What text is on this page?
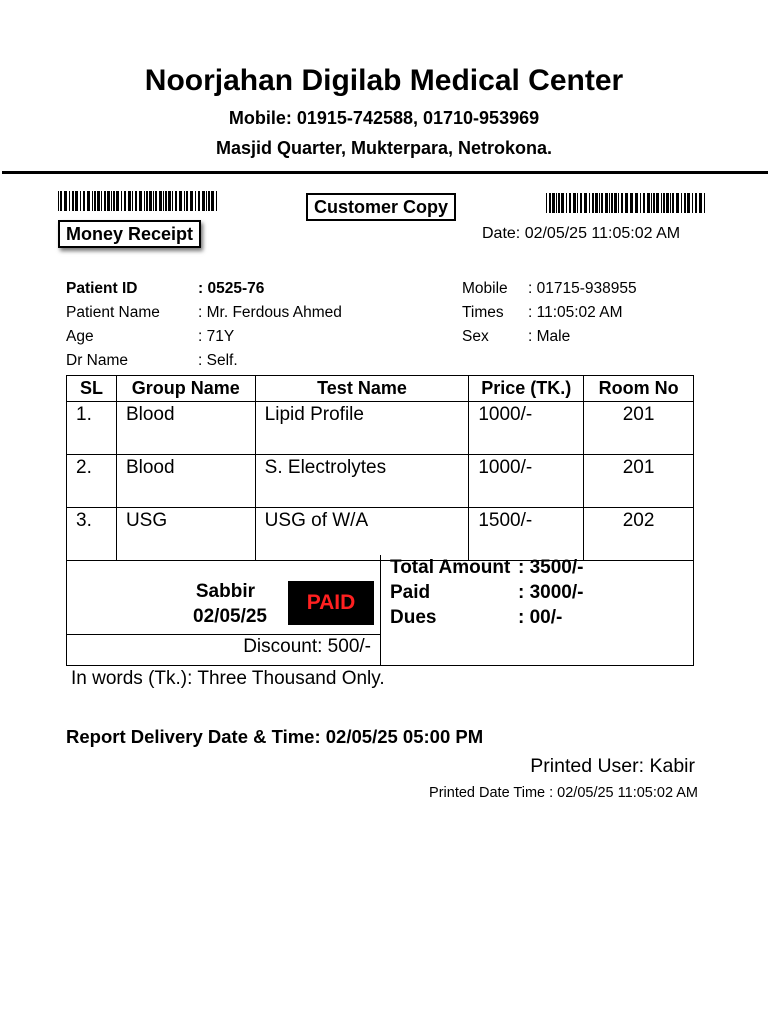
Noorjahan Digilab Medical Center
Mobile: 01915-742588, 01710-953969
Masjid Quarter, Mukterpara, Netrokona.
Money Receipt
Customer Copy
Date: 02/05/25 11:05:02 AM
Patient ID	: 0525-76
Patient Name : Mr. Ferdous Ahmed
Age	: 71Y
Dr Name	: Self.
Mobile : 01715-938955
Times : 11:05:02 AM
Sex	: Male
SL	Group Name	Test Name	Price (TK.)	Room No
1.	Blood	Lipid Profile	1000/-	201
2.	Blood	S. Electrolytes	1000/-	201
3.	USG	USG of W/A	1500/-	202
Sabbir
02/05/25
PAID
Discount: 500/-
Total Amount : 3500/-
Paid	: 3000/-
Dues	: 00/-
In words (Tk.): Three Thousand Only.
Report Delivery Date & Time: 02/05/25 05:00 PM
Printed User: Kabir
Printed Date Time : 02/05/25 11:05:02 AM
